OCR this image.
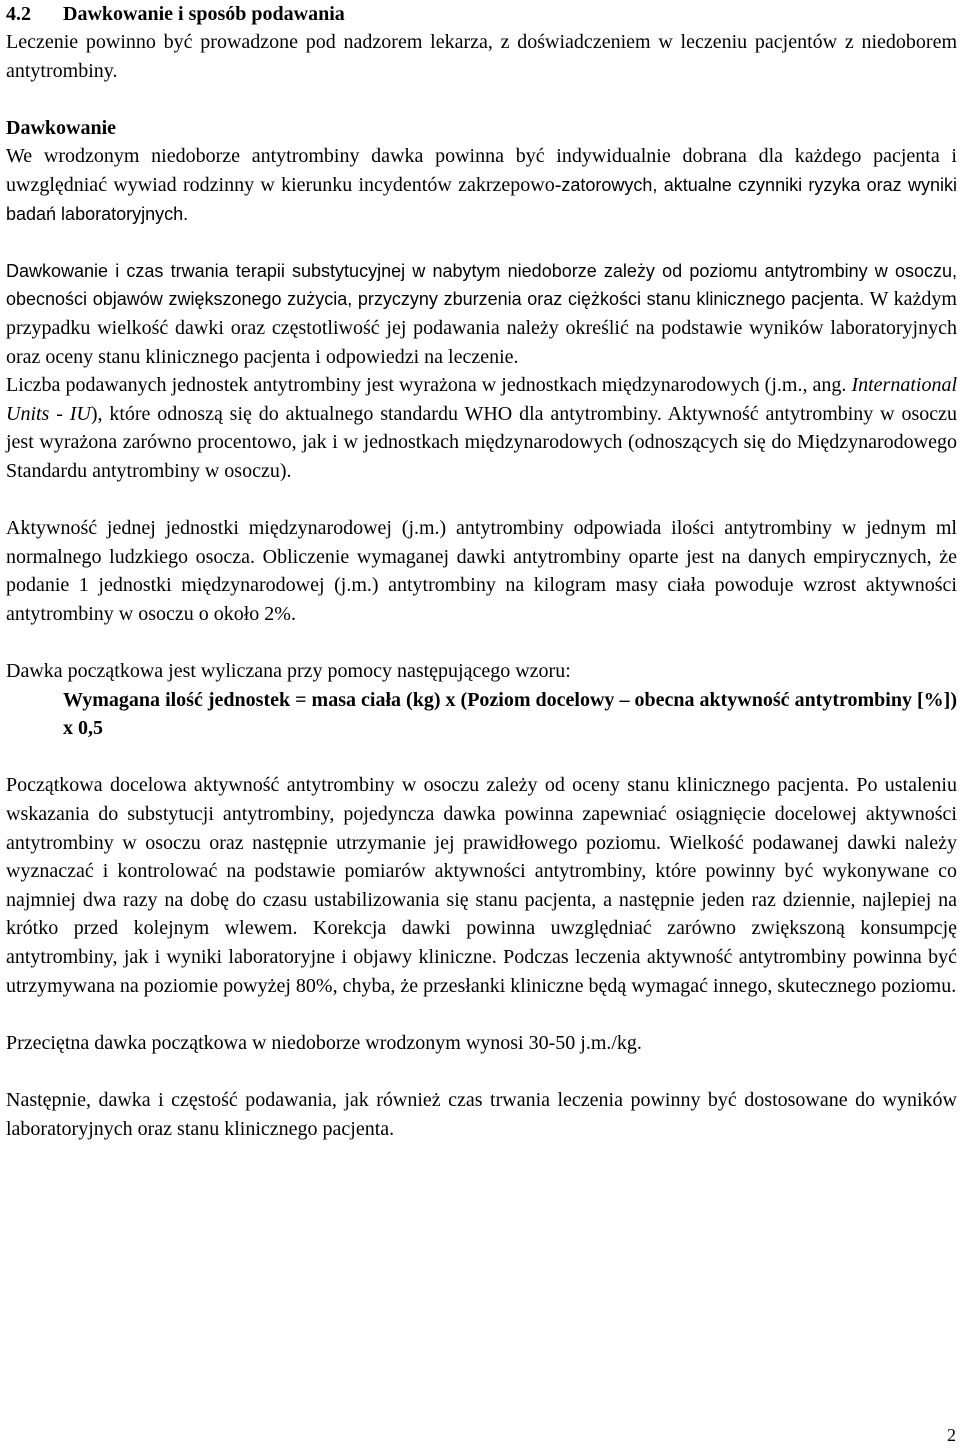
4.2 Dawkowanie i sposób podawania

Leczenie powinno być prowadzone pod nadzorem lekarza, z doświadczeniem w leczeniu pacjentów z niedoborem antytrombiny.

Dawkowanie

We wrodzonym niedoborze antytrombiny dawka powinna być indywidualnie dobrana dla każdego pacjenta i uwzględniać wywiad rodzinny w kierunku incydentów zakrzepowo-zatorowych, aktualne czynniki ryzyka oraz wyniki badań laboratoryjnych.

Dawkowanie i czas trwania terapii substytucyjnej w nabytym niedoborze zależy od poziomu antytrombiny w osoczu, obecności objawów zwiększonego zużycia, przyczyny zburzenia oraz ciężkości stanu klinicznego pacjenta. W każdym przypadku wielkość dawki oraz częstotliwość jej podawania należy określić na podstawie wyników laboratoryjnych oraz oceny stanu klinicznego pacjenta i odpowiedzi na leczenie.

Liczba podawanych jednostek antytrombiny jest wyrażona w jednostkach międzynarodowych (j.m., ang. International Units - IU), które odnoszą się do aktualnego standardu WHO dla antytrombiny. Aktywność antytrombiny w osoczu jest wyrażona zarówno procentowo, jak i w jednostkach międzynarodowych (odnoszących się do Międzynarodowego Standardu antytrombiny w osoczu).

Aktywność jednej jednostki międzynarodowej (j.m.) antytrombiny odpowiada ilości antytrombiny w jednym ml normalnego ludzkiego osocza. Obliczenie wymaganej dawki antytrombiny oparte jest na danych empirycznych, że podanie 1 jednostki międzynarodowej (j.m.) antytrombiny na kilogram masy ciała powoduje wzrost aktywności antytrombiny w osoczu o około 2%.

Dawka początkowa jest wyliczana przy pomocy następującego wzoru:

Wymagana ilość jednostek = masa ciała (kg) x (Poziom docelowy – obecna aktywność antytrombiny [%]) x 0,5

Początkowa docelowa aktywność antytrombiny w osoczu zależy od oceny stanu klinicznego pacjenta. Po ustaleniu wskazania do substytucji antytrombiny, pojedyncza dawka powinna zapewniać osiągnięcie docelowej aktywności antytrombiny w osoczu oraz następnie utrzymanie jej prawidłowego poziomu. Wielkość podawanej dawki należy wyznaczać i kontrolować na podstawie pomiarów aktywności antytrombiny, które powinny być wykonywane co najmniej dwa razy na dobę do czasu ustabilizowania się stanu pacjenta, a następnie jeden raz dziennie, najlepiej na krótko przed kolejnym wlewem. Korekcja dawki powinna uwzględniać zarówno zwiększoną konsumpcję antytrombiny, jak i wyniki laboratoryjne i objawy kliniczne. Podczas leczenia aktywność antytrombiny powinna być utrzymywana na poziomie powyżej 80%, chyba, że przesłanki kliniczne będą wymagać innego, skutecznego poziomu.

Przeciętna dawka początkowa w niedoborze wrodzonym wynosi 30-50 j.m./kg.

Następnie, dawka i częstość podawania, jak również czas trwania leczenia powinny być dostosowane do wyników laboratoryjnych oraz stanu klinicznego pacjenta.

2
